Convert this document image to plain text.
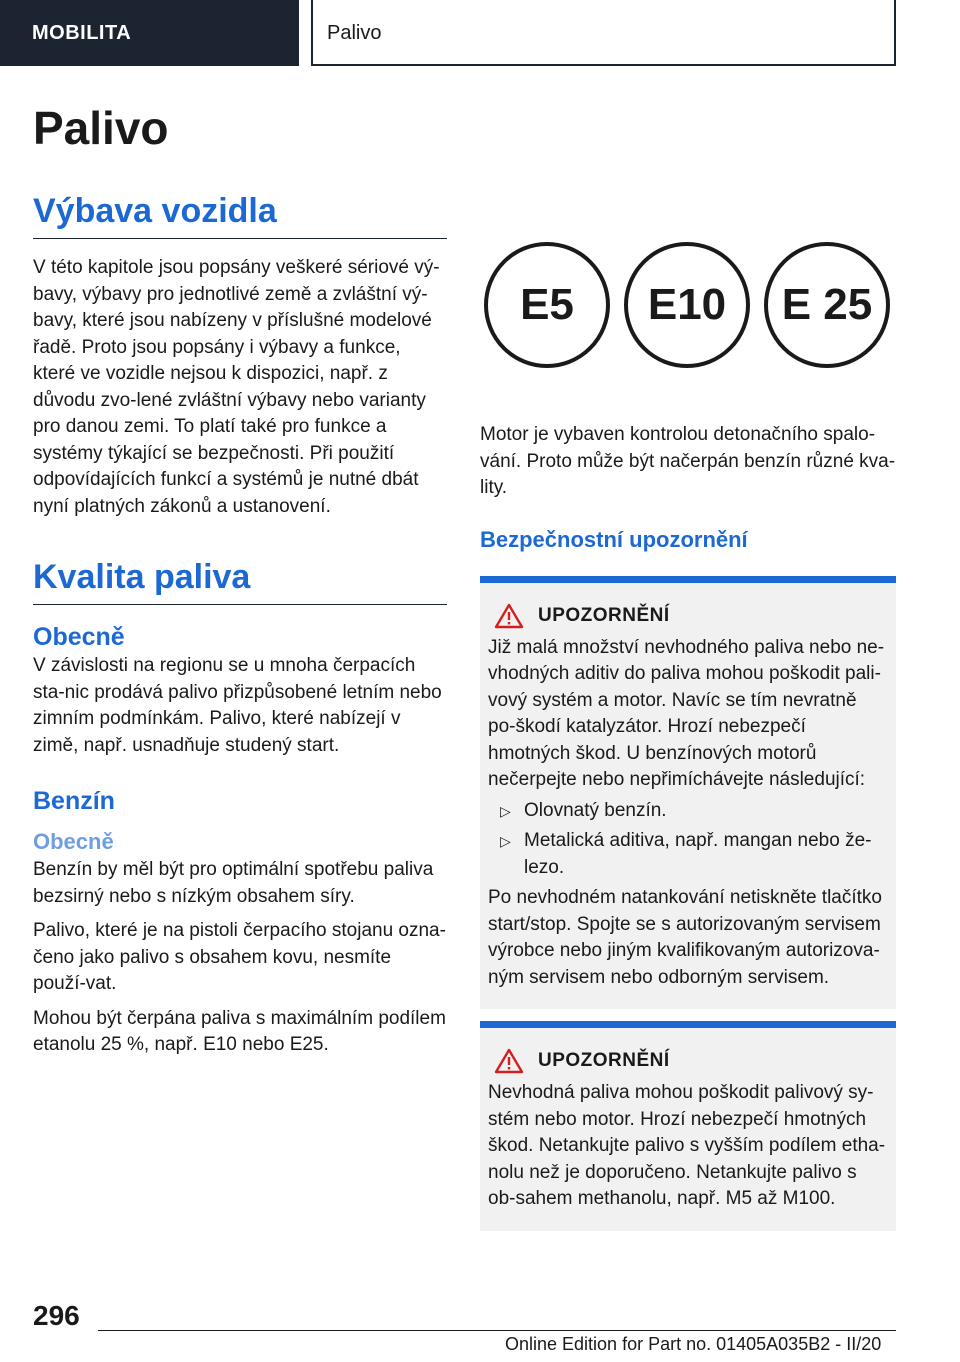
MOBILITA	Palivo
Palivo
Výbava vozidla

V této kapitole jsou popsány veškeré sériové vý-bavy, výbavy pro jednotlivé země a zvláštní vý-bavy, které jsou nabízeny v příslušné modelové řadě. Proto jsou popsány i výbavy a funkce, které ve vozidle nejsou k dispozici, např. z důvodu zvo-lené zvláštní výbavy nebo varianty pro danou zemi. To platí také pro funkce a systémy týkající se bezpečnosti. Při použití odpovídajících funkcí a systémů je nutné dbát nyní platných zákonů a ustanovení.

Kvalita paliva
Obecně

V závislosti na regionu se u mnoha čerpacích sta-nic prodává palivo přizpůsobené letním nebo zimním podmínkám. Palivo, které nabízejí v zimě, např. usnadňuje studený start.

Benzín
Obecně

Benzín by měl být pro optimální spotřebu paliva bezsirný nebo s nízkým obsahem síry.

Palivo, které je na pistoli čerpacího stojanu ozna-čeno jako palivo s obsahem kovu, nesmíte použí-vat.

Mohou být čerpána paliva s maximálním podílem etanolu 25 %, např. E10 nebo E25.

E5	E10	E 25

Motor je vybaven kontrolou detonačního spalo-vání. Proto může být načerpán benzín různé kva-lity.

Bezpečnostní upozornění
UPOZORNĚNÍ

Již malá množství nevhodného paliva nebo ne-vhodných aditiv do paliva mohou poškodit pali-vový systém a motor. Navíc se tím nevratně po-škodí katalyzátor. Hrozí nebezpečí hmotných škod. U benzínových motorů nečerpejte nebo nepřimíchávejte následující:

▷ Olovnatý benzín.
▷ Metalická aditiva, např. mangan nebo že-lezo.

Po nevhodném natankování netiskněte tlačítko start/stop. Spojte se s autorizovaným servisem výrobce nebo jiným kvalifikovaným autorizova-ným servisem nebo odborným servisem.

UPOZORNĚNÍ

Nevhodná paliva mohou poškodit palivový sy-stém nebo motor. Hrozí nebezpečí hmotných škod. Netankujte palivo s vyšším podílem etha-nolu než je doporučeno. Netankujte palivo s ob-sahem methanolu, např. M5 až M100.

296
Online Edition for Part no. 01405A035B2 - II/20
